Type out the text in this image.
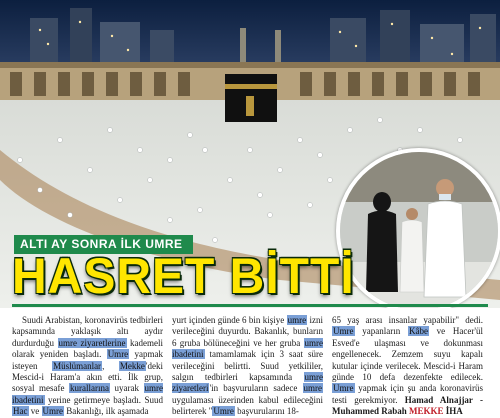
ALTI AY SONRA İLK UMRE
HASRET BİTTİ

Suudi Arabistan, koronavirüs tedbirleri kapsamında yaklaşık altı aydır durdurduğu umre ziyaretlerine kademeli olarak yeniden başladı. Umre yapmak isteyen Müslümanlar, Mekke'deki Mescid-i Haram'a akın etti. İlk grup, sosyal mesafe kurallarına uyarak umre ibadetini yerine getirmeye başladı. Suud Hac ve Umre Bakanlığı, ilk aşamada

yurt içinden günde 6 bin kişiye umre izni verileceğini duyurdu. Bakanlık, bunların 6 gruba bölüneceğini ve her gruba umre ibadetini tamamlamak için 3 saat süre verileceğini belirtti. Suud yetkililer, salgın tedbirleri kapsamında umre ziyaretleri'in başvuruların sadece umre uygulaması üzerinden kabul edileceğini belirterek "Umre başvurularını 18-

65 yaş arası insanlar yapabilir" dedi. Umre yapanların Kâbe ve Hacer'ül Esved'e ulaşması ve dokunması engellenecek. Zemzem suyu kapalı kutular içinde verilecek. Mescid-i Haram günde 10 defa dezenfekte edilecek. Umre yapmak için şu anda koronavirüs testi gerekmiyor. Hamad Alnajjar - Muhammed Rabah MEKKE İHA
